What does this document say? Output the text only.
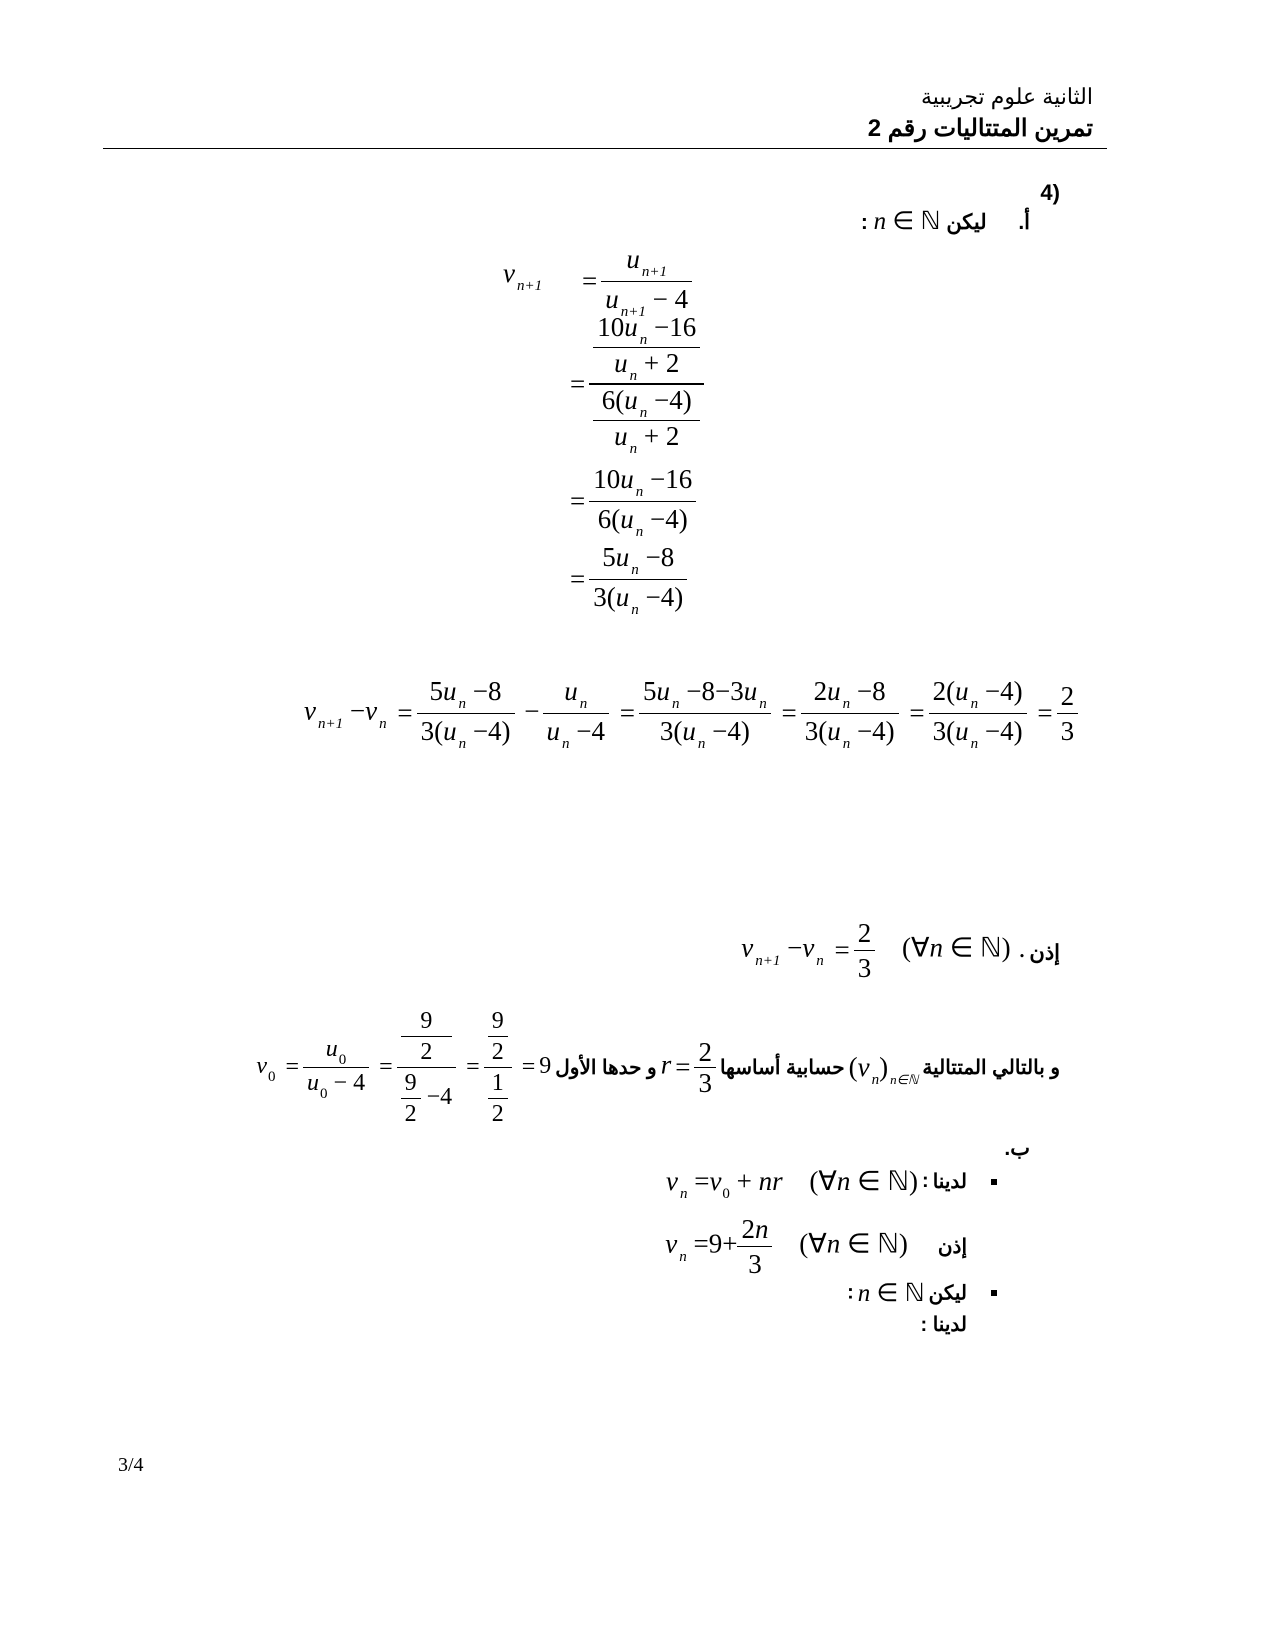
الثانية علوم تجريبية
تمرين المتتاليات رقم 2
(4
أ.  ليكن n ∈ ℕ :
v $_{n+1} = \frac{u _{n+1}}{u _{n+1} - 4}$
= 10u $_n$ −16
u $_n$ + 2
6(u $_n$ −4)
u $_n$ + 2
= $\frac{10u _n -16}{6(u _n -4)}$
= $\frac{5u _n -8}{3(u _n -4)}$
v $_{n+1}$ −v $_n = \frac{5u _n -8}{3(u _n -4)} - \frac{u _n}{u _n -4} = \frac{5u _n -8-3u _n}{3(u _n -4)} = \frac{2u _n -8}{3(u _n -4)} = \frac{2(u _n -4)}{3(u _n -4)} = \frac{2}{3}$
إذن v $_{n+1}$ −v $_n = \frac{2}{3}$ (∀n ∈ ℕ) .
و بالتالي المتتالية (v $_n$) $_{n\in ℕ}$ حسابية أساسها $r = \frac{2}{3}$
و حدها الأول $v_0 = \frac{u_0}{u_0 - 4} = 9$
2
$\frac{9}{2} -4 = 9$
2
1
2 = 9
ب.
لدينا : v $_n =v_0$ + nr (∀n ∈ ℕ)
إذن  v $_n =9+ \frac{2n}{3}$ (∀n ∈ ℕ)
ليكن n ∈ ℕ :
لدينا :
3/4
